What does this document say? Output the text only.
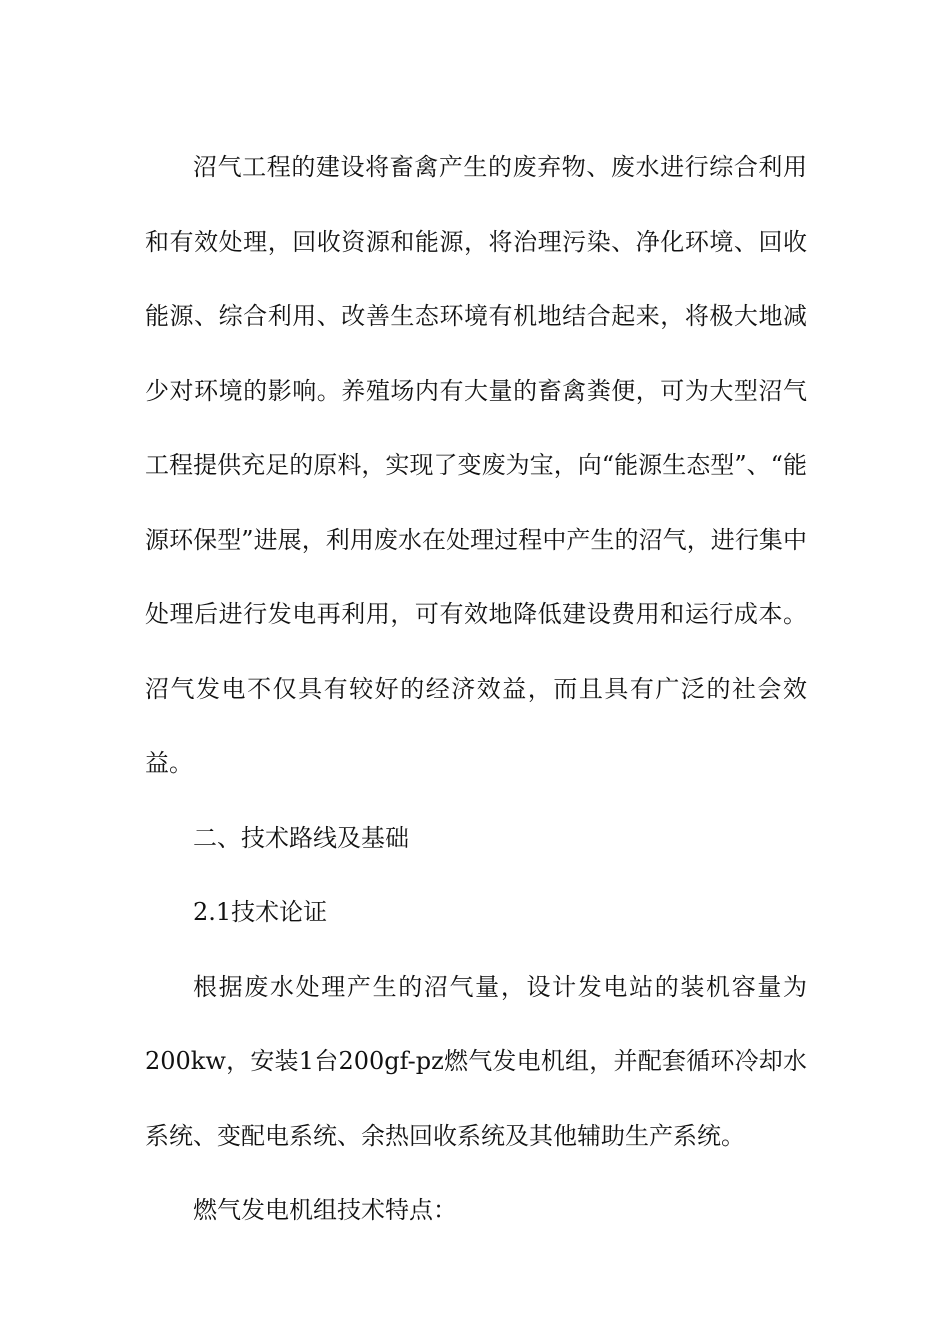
沼气工程的建设将畜禽产生的废弃物、废水进行综合利用和有效处理，回收资源和能源，将治理污染、净化环境、回收能源、综合利用、改善生态环境有机地结合起来，将极大地减少对环境的影响。养殖场内有大量的畜禽粪便，可为大型沼气工程提供充足的原料，实现了变废为宝，向“能源生态型”、“能源环保型”进展，利用废水在处理过程中产生的沼气，进行集中处理后进行发电再利用，可有效地降低建设费用和运行成本。沼气发电不仅具有较好的经济效益，而且具有广泛的社会效益。

二、技术路线及基础

2.1技术论证

根据废水处理产生的沼气量，设计发电站的装机容量为200kw，安装1台200gf-pz燃气发电机组，并配套循环冷却水系统、变配电系统、余热回收系统及其他辅助生产系统。

燃气发电机组技术特点：
